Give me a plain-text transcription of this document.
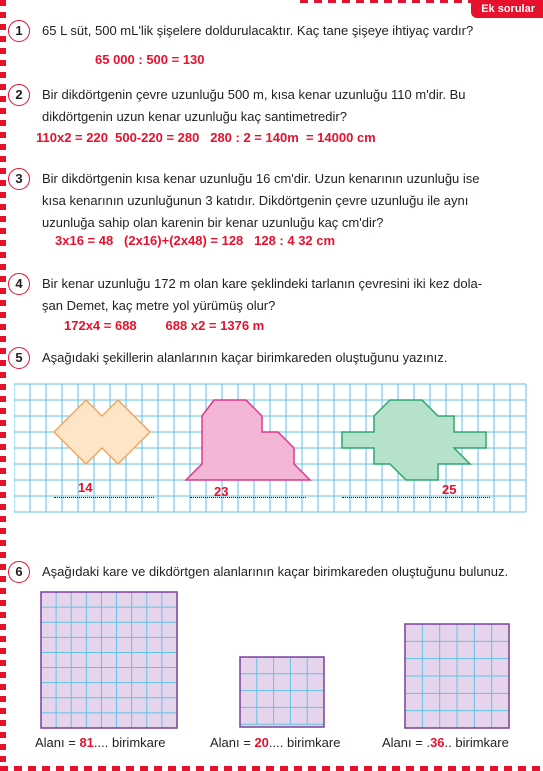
Ek sorular
1	65 L süt, 500 mL'lik şişelere doldurulacaktır. Kaç tane şişeye ihtiyaç vardır?
65 000 : 500 = 130
2	Bir dikdörtgenin çevre uzunluğu 500 m, kısa kenar uzunluğu 110 m'dir. Bu
dikdörtgenin uzun kenar uzunluğu kaç santimetredir?
110x2 = 220  500-220 = 280   280 : 2 = 140m  = 14000 cm
3	Bir dikdörtgenin kısa kenar uzunluğu 16 cm'dir. Uzun kenarının uzunluğu ise
kısa kenarının uzunluğunun 3 katıdır. Dikdörtgenin çevre uzunluğu ile aynı
uzunluğa sahip olan karenin bir kenar uzunluğu kaç cm'dir?
3x16 = 48   (2x16)+(2x48) = 128   128 : 4 32 cm
4	Bir kenar uzunluğu 172 m olan kare şeklindeki tarlanın çevresini iki kez dola-
şan Demet, kaç metre yol yürümüş olur?
172x4 = 688        688 x2 = 1376 m
5	Aşağıdaki şekillerin alanlarının kaçar birimkareden oluştuğunu yazınız.
14	23	25
6	Aşağıdaki kare ve dikdörtgen alanlarının kaçar birimkareden oluştuğunu bulunuz.
Alanı = 81.... birimkare	Alanı = 20.... birimkare	Alanı = .36.. birimkare
